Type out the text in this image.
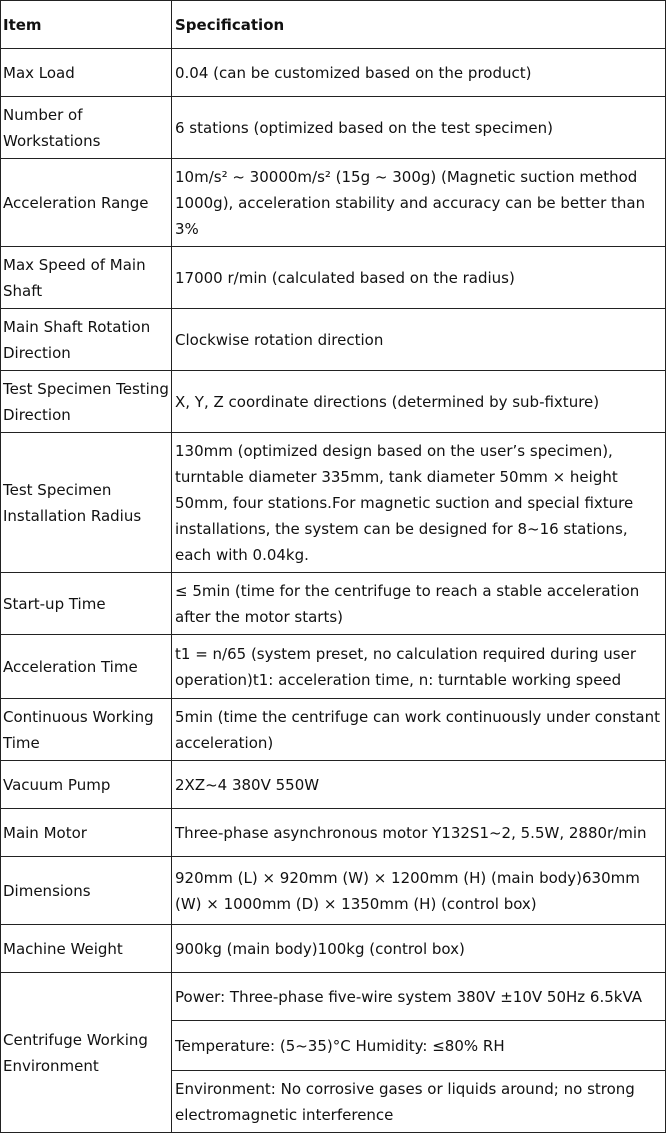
Item	Specification
Max Load	0.04 (can be customized based on the product)
Number of Workstations	6 stations (optimized based on the test specimen)
Acceleration Range	10m/s² ~ 30000m/s² (15g ~ 300g) (Magnetic suction method 1000g), acceleration stability and accuracy can be better than 3%
Max Speed of Main Shaft	17000 r/min (calculated based on the radius)
Main Shaft Rotation Direction	Clockwise rotation direction
Test Specimen Testing Direction	X, Y, Z coordinate directions (determined by sub-fixture)
Test Specimen Installation Radius	130mm (optimized design based on the user’s specimen), turntable diameter 335mm, tank diameter 50mm × height 50mm, four stations.For magnetic suction and special fixture installations, the system can be designed for 8~16 stations, each with 0.04kg.
Start-up Time	≤ 5min (time for the centrifuge to reach a stable acceleration after the motor starts)
Acceleration Time	t1 = n/65 (system preset, no calculation required during user operation)t1: acceleration time, n: turntable working speed
Continuous Working Time	5min (time the centrifuge can work continuously under constant acceleration)
Vacuum Pump	2XZ~4 380V 550W
Main Motor	Three-phase asynchronous motor Y132S1~2, 5.5W, 2880r/min
Dimensions	920mm (L) × 920mm (W) × 1200mm (H) (main body)630mm (W) × 1000mm (D) × 1350mm (H) (control box)
Machine Weight	900kg (main body)100kg (control box)
Centrifuge Working Environment	Power: Three-phase five-wire system 380V ±10V 50Hz 6.5kVA
	Temperature: (5~35)°C Humidity: ≤80% RH
	Environment: No corrosive gases or liquids around; no strong electromagnetic interference
